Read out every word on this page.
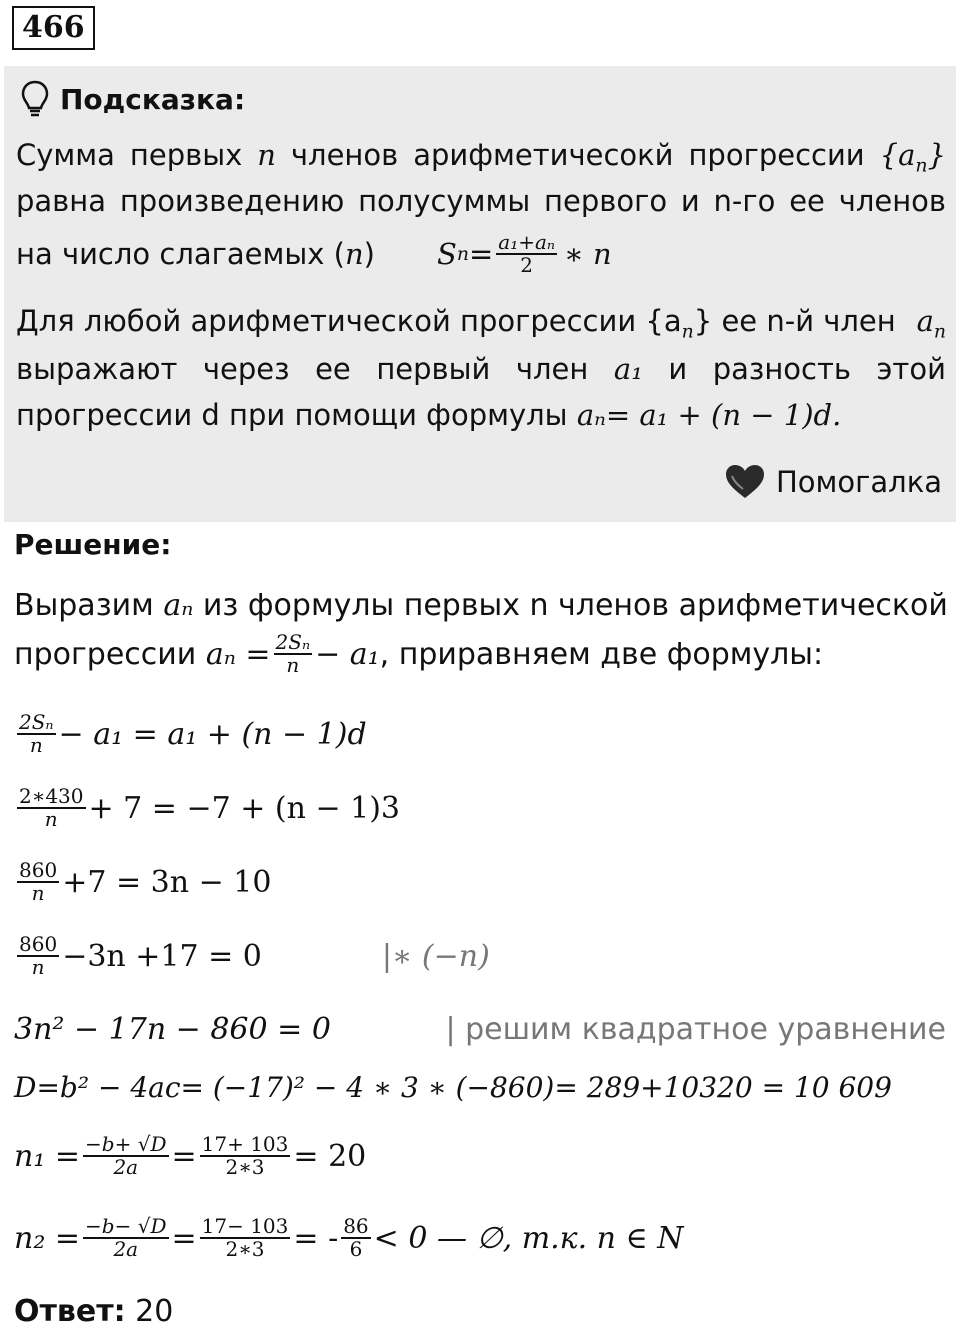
466
Подсказка:
Сумма первых n членов арифметичесокй прогрессии $\{a_n\}$
равна произведению полусуммы первого и n-го ее членов
на число слагаемых ( n ) S $n = \frac{\text{a₁+aₙ}}{2}$ ∗ n
Для любой арифметической прогрессии $\{a_n\}$ ее n-й член $a_n$
выражают через ее первый член a₁ и разность этой
прогрессии d при помощи формулы aₙ= a₁ + (n − 1)d.
Помогалка
Решение:
Выразим aₙ из формулы первых n членов арифметической
прогрессии
$a_n = \frac{\text{2Sₙ}}{n} - a_1$ , приравняем две формулы:
$\frac{\text{2Sₙ}}{n} - a_1 = a_1 + (n - 1)d$
$\frac{2∗430}{n} + 7 = -7 + (n - 1)3$
$\frac{860}{n} +7 = 3n - 10$
$\frac{860}{n} -3n +17 = 0$	|∗ (−n)
3n² − 17n − 860 = 0	| решим квадратное уравнение
D=b² − 4ac= (−17)² − 4 ∗ 3 ∗ (−860)= 289+10320 = 10 609
$n_1 = \frac{-b+ √D}{2a} = \frac{17+ 103}{2∗3} = 20$
$n_2 = \frac{-b- √D}{2a} = \frac{17- 103}{2∗3}$ = - $\frac{86}{6} < 0$ — ∅, т.к. n ∈ N
Ответ: 20
